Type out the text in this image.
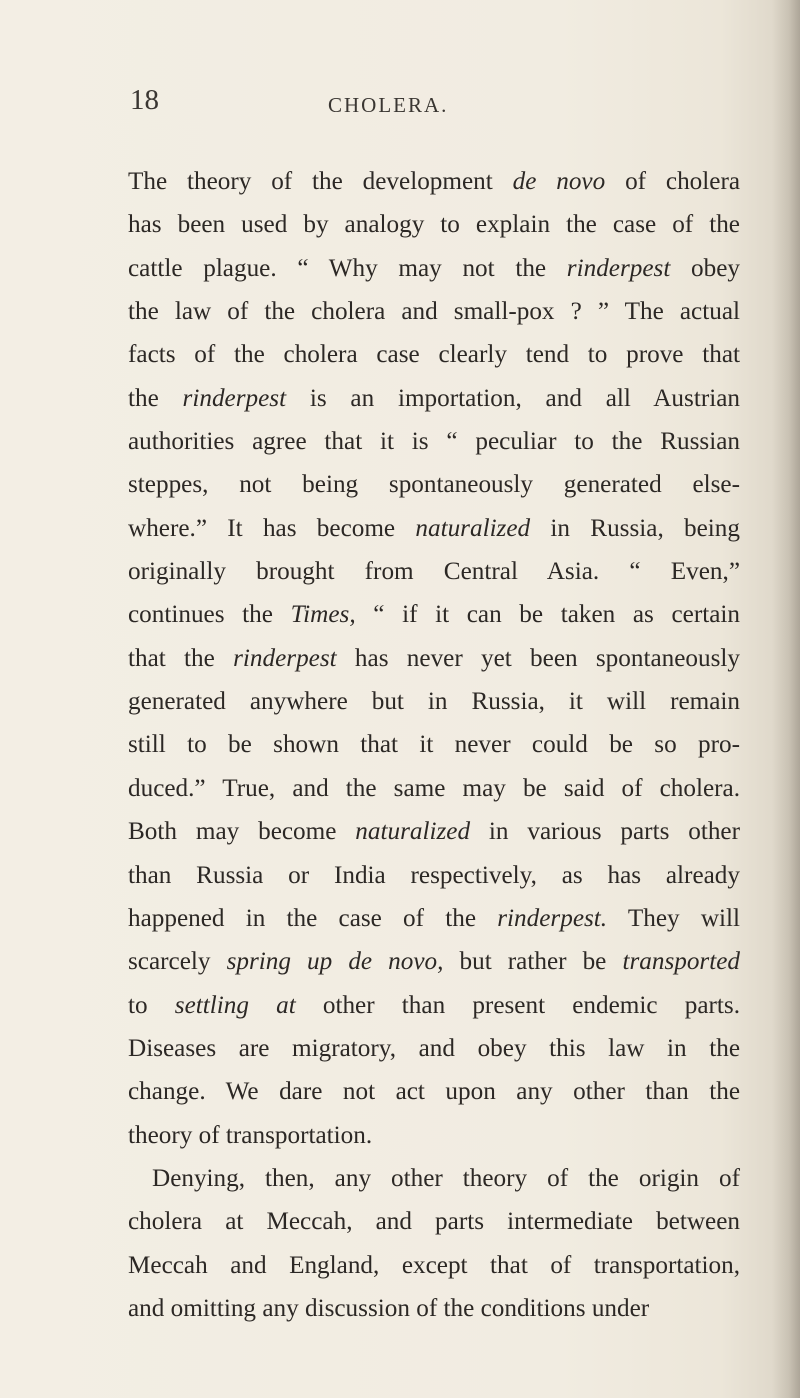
18	CHOLERA.
The theory of the development de novo of cholera
has been used by analogy to explain the case of the
cattle plague. “ Why may not the rinderpest obey
the law of the cholera and small-pox ? ” The actual
facts of the cholera case clearly tend to prove that
the rinderpest is an importation, and all Austrian
authorities agree that it is “ peculiar to the Russian
steppes, not being spontaneously generated else-
where.” It has become naturalized in Russia, being
originally brought from Central Asia. “ Even,”
continues the Times, “ if it can be taken as certain
that the rinderpest has never yet been spontaneously
generated anywhere but in Russia, it will remain
still to be shown that it never could be so pro-
duced.” True, and the same may be said of cholera.
Both may become naturalized in various parts other
than Russia or India respectively, as has already
happened in the case of the rinderpest. They will
scarcely spring up de novo, but rather be transported
to settling at other than present endemic parts.
Diseases are migratory, and obey this law in the
change. We dare not act upon any other than the
theory of transportation.
Denying, then, any other theory of the origin of
cholera at Meccah, and parts intermediate between
Meccah and England, except that of transportation,
and omitting any discussion of the conditions under
